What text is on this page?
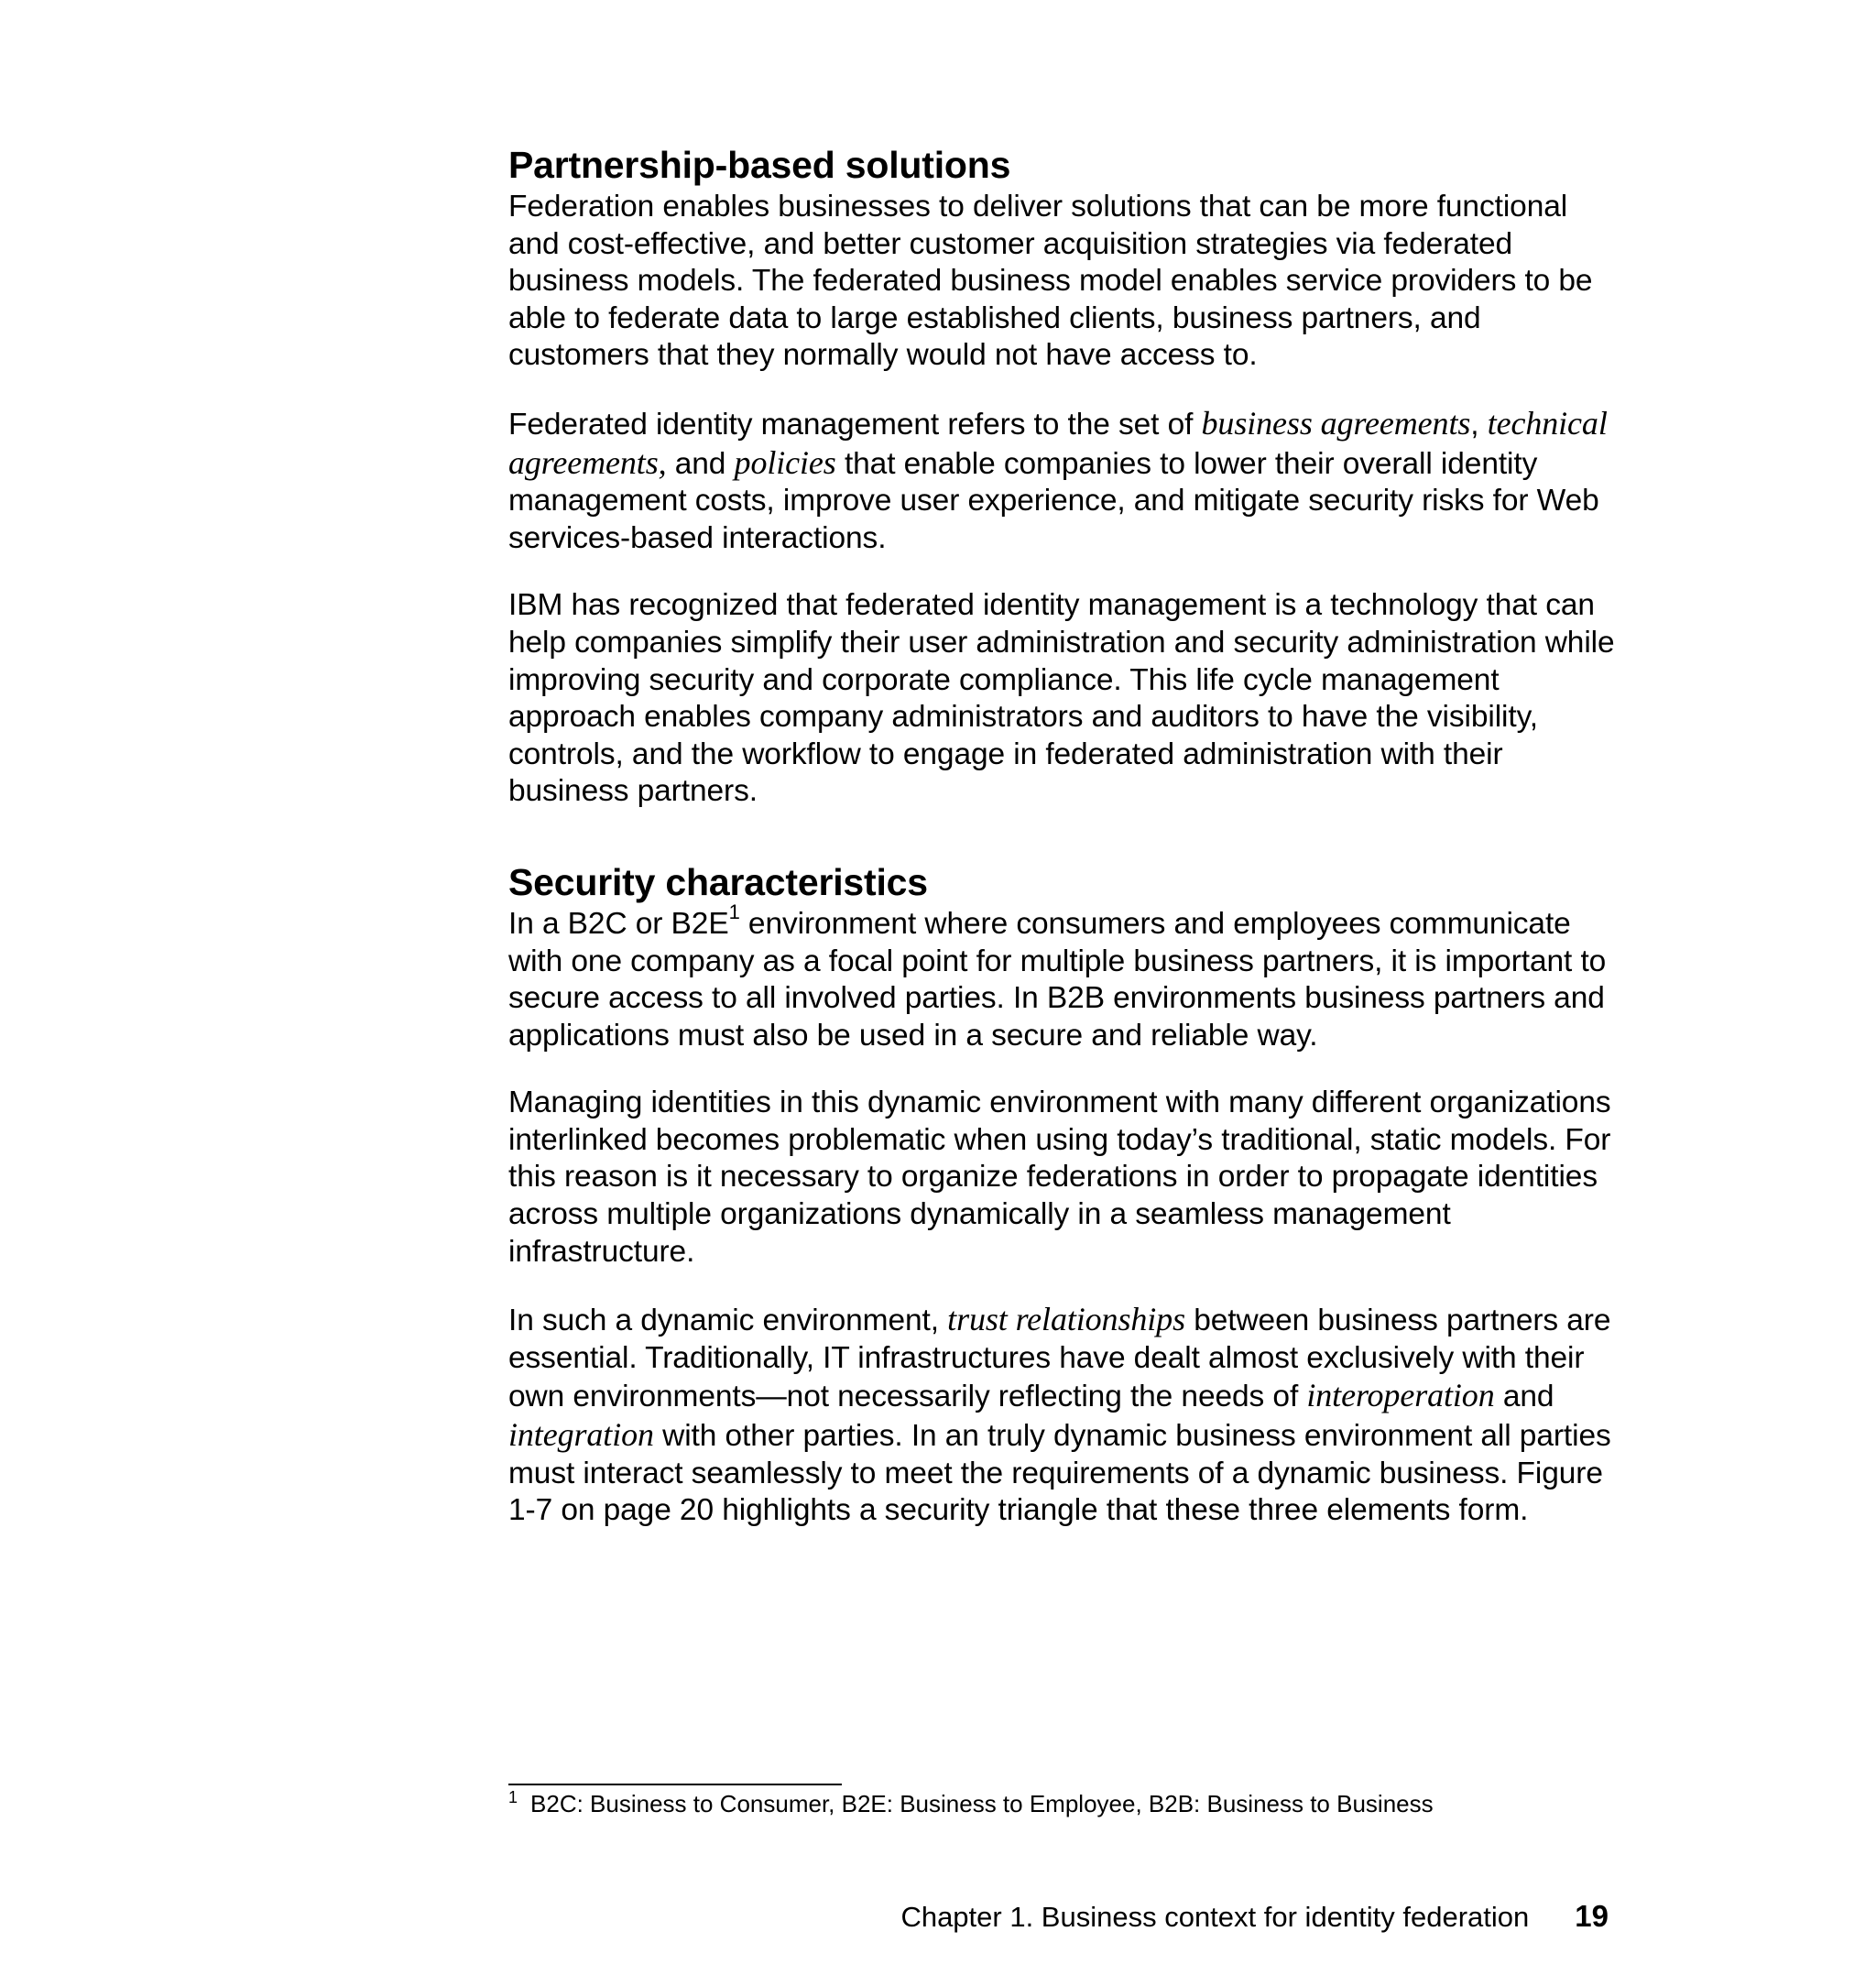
Partnership-based solutions

Federation enables businesses to deliver solutions that can be more functional and cost-effective, and better customer acquisition strategies via federated business models. The federated business model enables service providers to be able to federate data to large established clients, business partners, and customers that they normally would not have access to.

Federated identity management refers to the set of business agreements, technical agreements, and policies that enable companies to lower their overall identity management costs, improve user experience, and mitigate security risks for Web services-based interactions.

IBM has recognized that federated identity management is a technology that can help companies simplify their user administration and security administration while improving security and corporate compliance. This life cycle management approach enables company administrators and auditors to have the visibility, controls, and the workflow to engage in federated administration with their business partners.

Security characteristics

In a B2C or $B2E^1$ environment where consumers and employees communicate with one company as a focal point for multiple business partners, it is important to secure access to all involved parties. In B2B environments business partners and applications must also be used in a secure and reliable way.

Managing identities in this dynamic environment with many different organizations interlinked becomes problematic when using today’s traditional, static models. For this reason is it necessary to organize federations in order to propagate identities across multiple organizations dynamically in a seamless management infrastructure.

In such a dynamic environment, trust relationships between business partners are essential. Traditionally, IT infrastructures have dealt almost exclusively with their own environments—not necessarily reflecting the needs of interoperation and integration with other parties. In an truly dynamic business environment all parties must interact seamlessly to meet the requirements of a dynamic business. Figure 1-7 on page 20 highlights a security triangle that these three elements form.

$^1$ B2C: Business to Consumer, B2E: Business to Employee, B2B: Business to Business
Chapter 1. Business context for identity federation 19
